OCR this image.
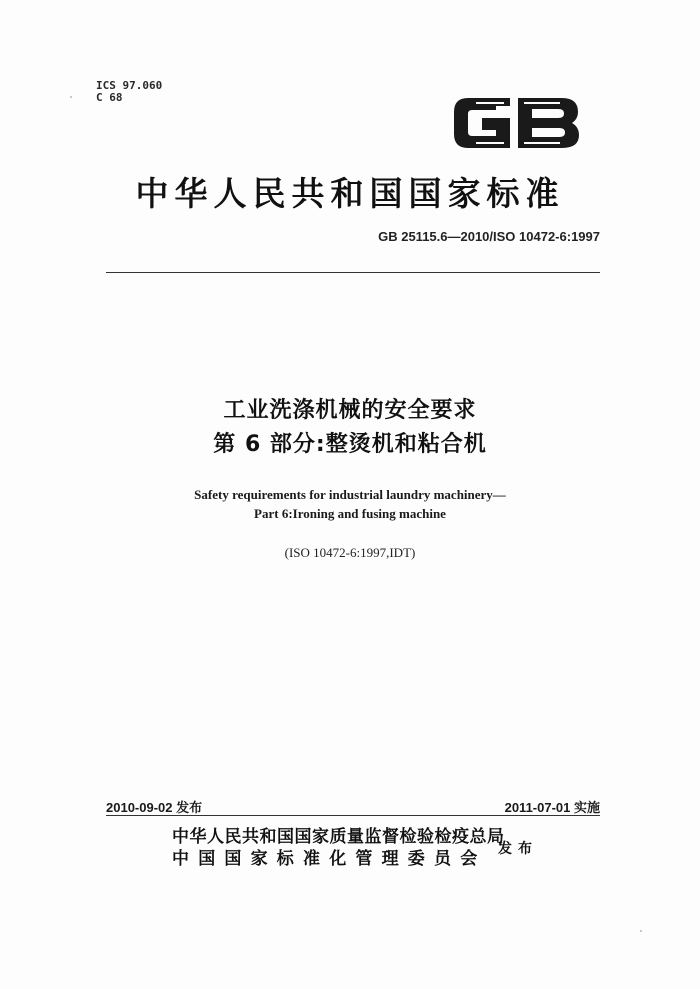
ICS 97.060
C 68
中华人民共和国国家标准
GB 25115.6—2010/ISO 10472-6:1997
工业洗涤机械的安全要求
第 6 部分:整烫机和粘合机
Safety requirements for industrial laundry machinery—
Part 6:Ironing and fusing machine
(ISO 10472-6:1997,IDT)
2010-09-02 发布	2011-07-01 实施
中华人民共和国国家质量监督检验检疫总局
中国国家标准化管理委员会 发布
